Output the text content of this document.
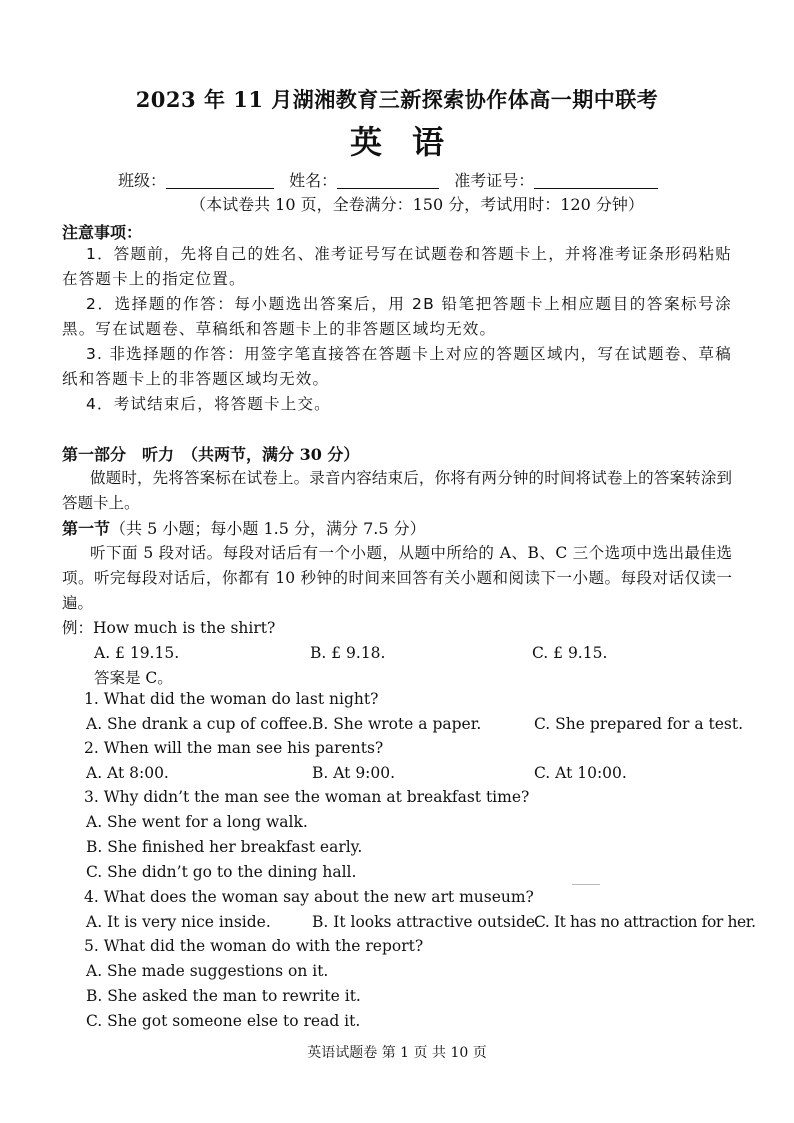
2023 年 11 月湖湘教育三新探索协作体高一期中联考
英语
班级：	姓名：	准考证号：
（本试卷共 10 页，全卷满分：150 分，考试用时：120 分钟）
注意事项：

1．答题前，先将自己的姓名、准考证号写在试题卷和答题卡上，并将准考证条形码粘贴在答题卡上的指定位置。

2．选择题的作答：每小题选出答案后，用 2B 铅笔把答题卡上相应题目的答案标号涂黑。写在试题卷、草稿纸和答题卡上的非答题区域均无效。

3. 非选择题的作答：用签字笔直接答在答题卡上对应的答题区域内，写在试题卷、草稿纸和答题卡上的非答题区域均无效。

4．考试结束后，将答题卡上交。

第一部分　听力 （共两节，满分 30 分）

做题时，先将答案标在试卷上。录音内容结束后，你将有两分钟的时间将试卷上的答案转涂到答题卡上。

第一节（共 5 小题；每小题 1.5 分，满分 7.5 分）

听下面 5 段对话。每段对话后有一个小题，从题中所给的 A、B、C 三个选项中选出最佳选项。听完每段对话后，你都有 10 秒钟的时间来回答有关小题和阅读下一小题。每段对话仅读一遍。

例：How much is the shirt?
A. £ 19.15.	B. £ 9.18.	C. £ 9.15.
答案是 C。
1. What did the woman do last night?
A. She drank a cup of coffee. B. She wrote a paper.	C. She prepared for a test.
2. When will the man see his parents?
A. At 8:00.	B. At 9:00.	C. At 10:00.
3. Why didn’t the man see the woman at breakfast time?
A. She went for a long walk.
B. She finished her breakfast early.
C. She didn’t go to the dining hall.
4. What does the woman say about the new art museum?
A. It is very nice inside.	B. It looks attractive outside.
C. It has no attraction for her.
5. What did the woman do with the report?
A. She made suggestions on it.
B. She asked the man to rewrite it.
C. She got someone else to read it.
英语试题卷 第 1 页 共 10 页
